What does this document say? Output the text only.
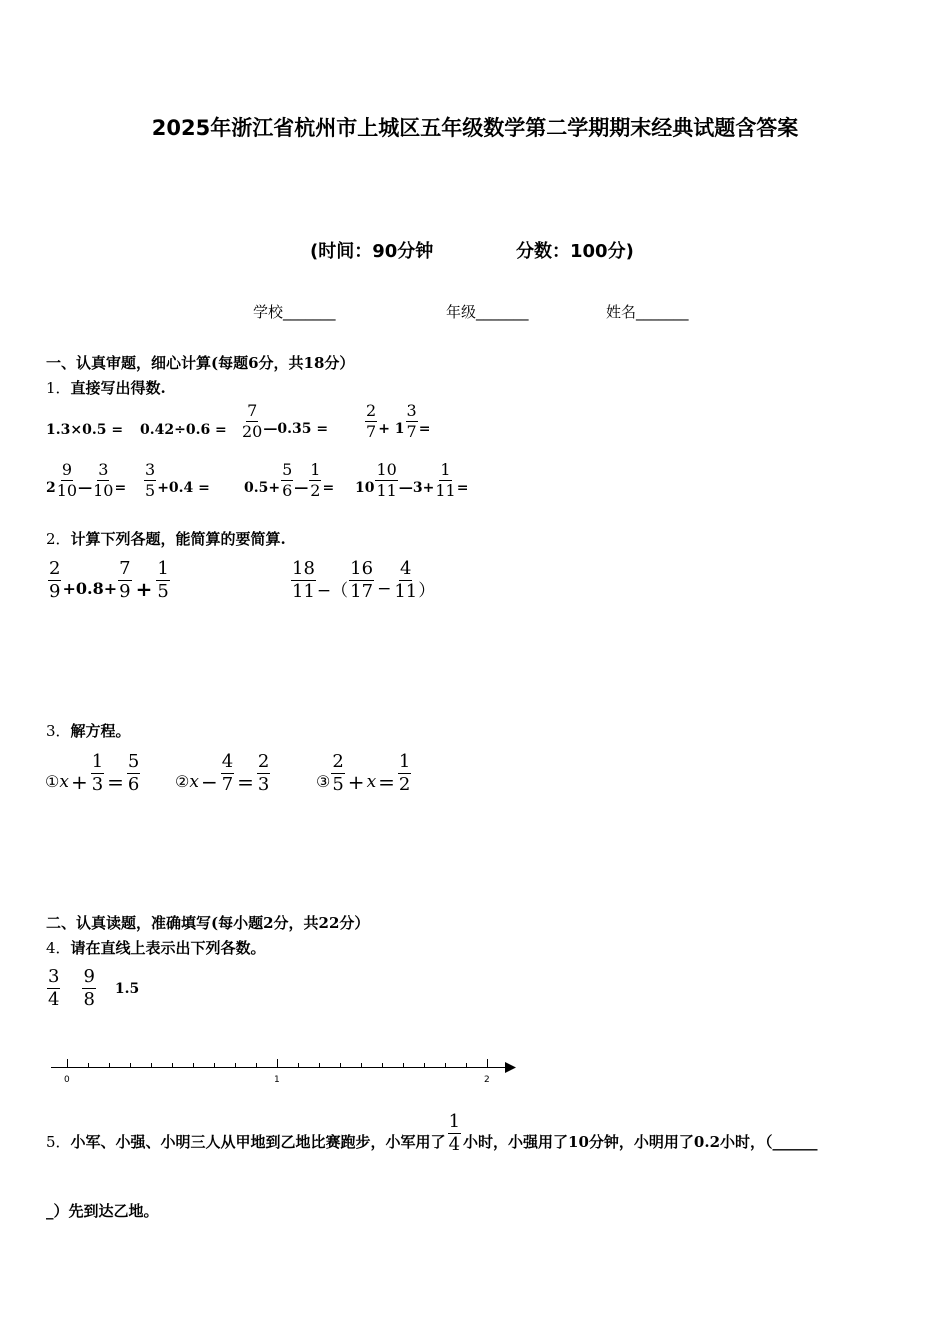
2025年浙江省杭州市上城区五年级数学第二学期期末经典试题含答案
(时间：90分钟	分数：100分)
学校_______	年级_______	姓名_______
一、认真审题，细心计算(每题6分，共18分）
1．直接写出得数.
$1.3\times 0.5 = 0.42\div 0.6 = \frac{7}{20}$ —0.35 = $\frac{2}{7} + 1 \frac{3}{7}$ =
$2 \frac{9}{10}$ — $\frac{3}{10} = \frac{3}{5} +0.4 = 0.5+ \frac{5}{6}$ — $\frac{1}{2} = 10 \frac{10}{11}$ —3+ $\frac{1}{11}$ =
2．计算下列各题，能简算的要简算.
$\frac{2}{9} +0.8+ \frac{7}{9} + \frac{1}{5}$	$\frac{18}{11}$ −（ $\frac{16}{17} - \frac{4}{11}$ ）
3．解方程。
① $x + \frac{1}{3} = \frac{5}{6}$ ② $x - \frac{4}{7} = \frac{2}{3}$	③ $\frac{2}{5} + x = \frac{1}{2}$
二、认真读题，准确填写(每小题2分，共22分）
4．请在直线上表示出下列各数。
$\frac{3}{4} \frac{9}{8} 1.5$
0	1	2
5． 小军、小强、小明三人从甲地到乙地比赛跑步，小军用了 $\frac{1}{4}$ 小时，小强用了 10 分钟，小明用了 0.2 小时，（______
_）先到达乙地。
